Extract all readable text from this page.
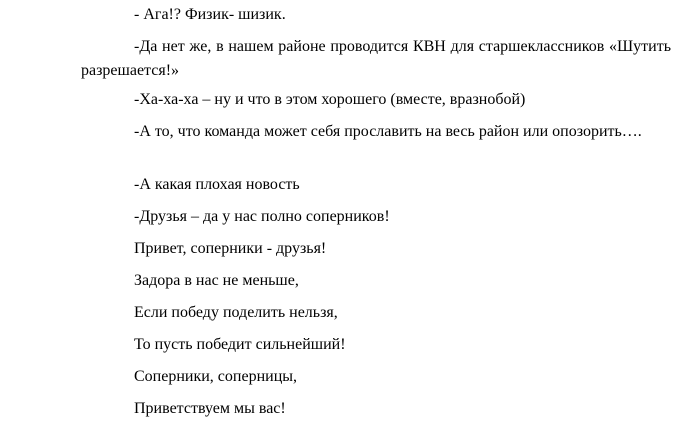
- Ага!? Физик- шизик.

-Да нет же, в нашем районе проводится КВН для старшеклассников «Шутить разрешается!»

-Ха-ха-ха – ну и что в этом хорошего (вместе, вразнобой)

-А то, что команда может себя прославить на весь район или опозорить….

-А какая плохая новость

-Друзья – да у нас полно соперников!

Привет, соперники - друзья!

Задора в нас не меньше,

Если победу поделить нельзя,

То пусть победит сильнейший!

Соперники, соперницы,

Приветствуем мы вас!
